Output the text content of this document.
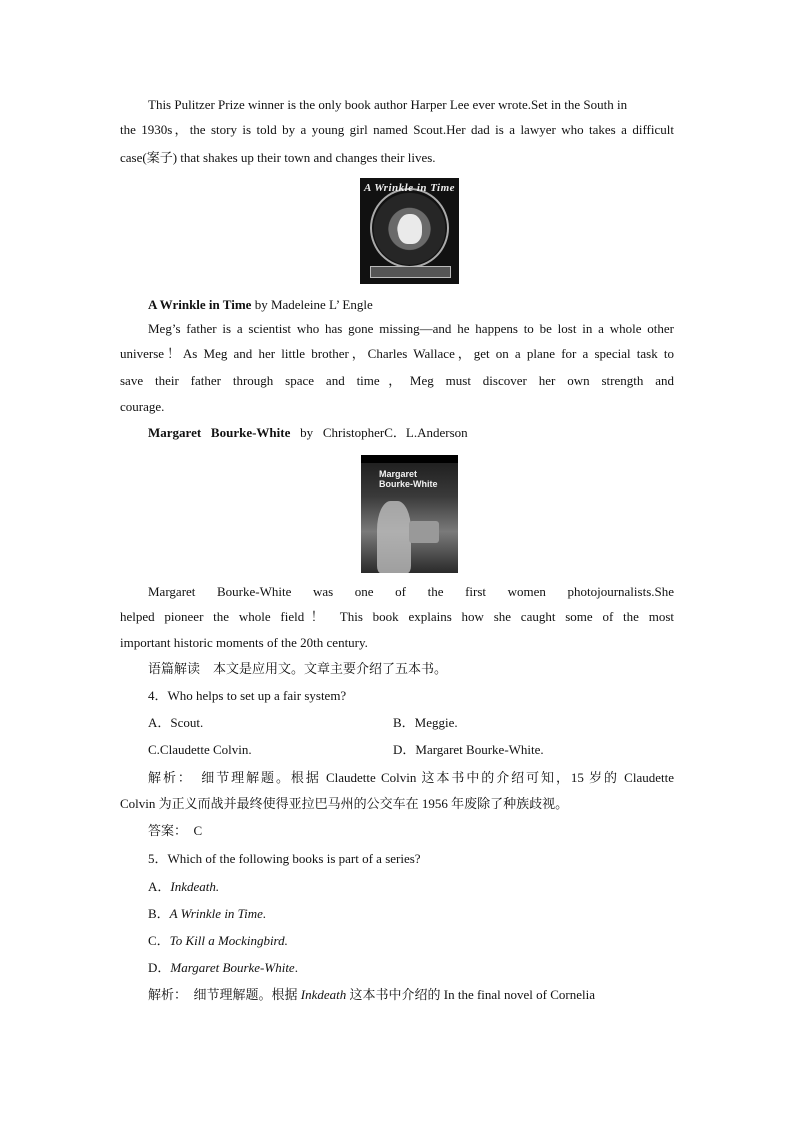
This Pulitzer Prize winner is the only book author Harper Lee ever wrote.Set in the South in
the 1930s，the story is told by a young girl named Scout.Her dad is a lawyer who takes a difficult
case(案子) that shakes up their town and changes their lives.
A Wrinkle in Time
A Wrinkle in Time by Madeleine L’ Engle
Meg’s father is a scientist who has gone missing—and he happens to be lost in a whole other
universe！As Meg and her little brother，Charles Wallace，get on a plane for a special task to
save their father through space and time，Meg must discover her own strength and
courage.
Margaret   Bourke-White   by   ChristopherC．L.Anderson
Margaret
Bourke-White
Margaret Bourke-White was one of the first women photojournalists.She
helped pioneer the whole field！ This book explains how she caught some of the most
important historic moments of the 20th century.
语篇解读　本文是应用文。文章主要介绍了五本书。
4．Who helps to set up a fair system?
A．Scout.	B．Meggie.
C.Claudette Colvin.	D．Margaret Bourke-White.
解析：　细节理解题。根据 Claudette Colvin 这本书中的介绍可知，15 岁的 Claudette
Colvin 为正义而战并最终使得亚拉巴马州的公交车在 1956 年废除了种族歧视。
答案：　C
5．Which of the following books is part of a series?
A．Inkdeath.
B．A Wrinkle in Time.
C．To Kill a Mockingbird.
D．Margaret Bourke-White.
解析：　细节理解题。根据 Inkdeath 这本书中介绍的 In the final novel of Cornelia
